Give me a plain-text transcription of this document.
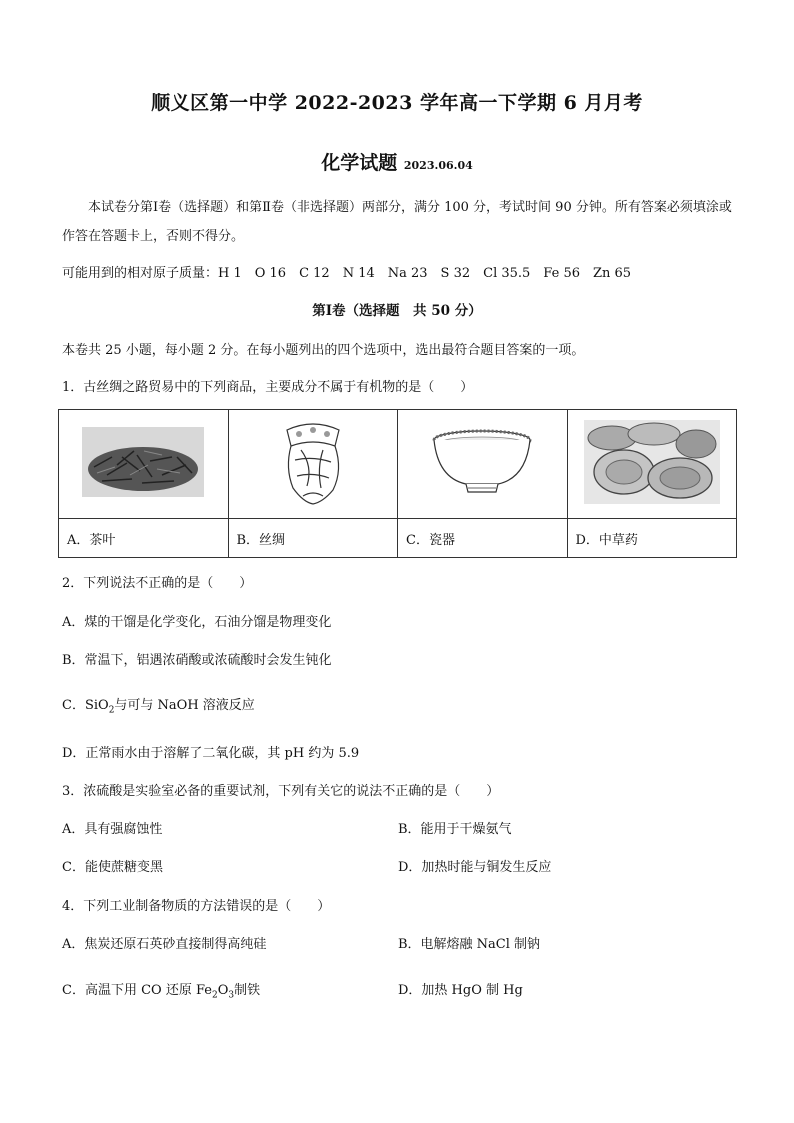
顺义区第一中学 2022-2023 学年高一下学期 6 月月考
化学试题 2023.06.04
本试卷分第Ⅰ卷（选择题）和第Ⅱ卷（非选择题）两部分，满分 100 分，考试时间 90 分钟。所有答案必须填涂或作答在答题卡上，否则不得分。
可能用到的相对原子质量：H 1　O 16　C 12　N 14　Na 23　S 32　Cl 35.5　Fe 56　Zn 65
第Ⅰ卷（选择题　共 50 分）
本卷共 25 小题，每小题 2 分。在每小题列出的四个选项中，选出最符合题目答案的一项。
1．古丝绸之路贸易中的下列商品，主要成分不属于有机物的是（　　）

A．茶叶	B．丝绸	C．瓷器	D．中草药
2．下列说法不正确的是（　　）
A．煤的干馏是化学变化，石油分馏是物理变化
B．常温下，铝遇浓硝酸或浓硫酸时会发生钝化
C．SiO$_2$与可与 NaOH 溶液反应
D．正常雨水由于溶解了二氧化碳，其 pH 约为 5.9
3．浓硫酸是实验室必备的重要试剂，下列有关它的说法不正确的是（　　）
A．具有强腐蚀性	B．能用于干燥氨气
C．能使蔗糖变黑	D．加热时能与铜发生反应
4．下列工业制备物质的方法错误的是（　　）
A．焦炭还原石英砂直接制得高纯硅	B．电解熔融 NaCl 制钠
C．高温下用 CO 还原 $Fe_2O_3$制铁	D．加热 HgO 制 Hg
